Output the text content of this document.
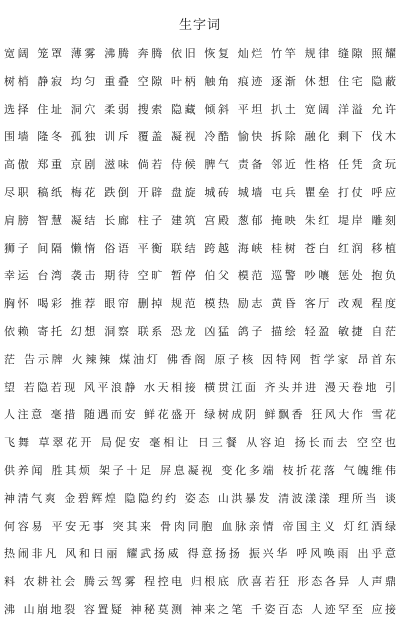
生字词
宽阔 笼罩 薄雾 沸腾 奔腾 依旧 恢复 灿烂 竹竿 规律 缝隙 照耀
树梢 静寂 均匀 重叠 空隙 叶柄 触角 痕迹 逐渐 休想 住宅 隐蔽
选择 住址 洞穴 柔弱 搜索 隐藏 倾斜 平坦 扒土 宽阔 洋溢 允许
围墙 隆冬 孤独 训斥 覆盖 凝视 冷酷 愉快 拆除 融化 剩下 伐木
高傲 郑重 京剧 滋味 倘若 侍候 脾气 责备 邻近 性格 任凭 贪玩
尽职 稿纸 梅花 跌倒 开辟 盘旋 城砖 城墙 屯兵 瞿垒 打仗 呼应
肩膀 智慧 凝结 长廊 柱子 建筑 宫殿 葱郁 掩映 朱红 堤岸 雕刻
狮子 间隔 懒惰 俗语 平衡 联结 跨越 海峡 桂树 苍白 红润 移植
幸运 台湾 袭击 期待 空旷 暂停 伯父 模范 巡警 吵嚷 惩处 抱负
胸怀 喝彩 推荐 眼帘 删掉 规范 模热 励志 黄昏 客厅 改观 程度
依赖 寄托 幻想 洞察 联系 恐龙 凶猛 鸽子 描绘 轻盈 敏捷 自茫
茫 告示牌 火辣辣 煤油灯 佛香阁 原子核 因特网 哲学家 昂首东
望 若隐若现 风平浪静 水天相接 横贯江面 齐头并进 漫天卷地 引
人注意 毫措 随遇而安 鲜花盛开 绿树成阴 鲜飘香 狂风大作 雪花
飞舞 草翠花开 局促安 毫相让 日三餐 从容迫 扬长而去 空空也
供养闻 胜其烦 架子十足 屏息凝视 变化多端 枝折花落 气魄维伟
神清气爽 金碧辉煌 隐隐约约 姿态 山洪暴发 清波漾漾 理所当 谈
何容易 平安无事 突其来 骨肉同胞 血脉亲情 帝国主义 灯红酒绿
热闹非凡 风和日丽 耀武扬威 得意扬扬 振兴华 呼风唤雨 出乎意
料 农耕社会 腾云驾雾 程控电 归根底 欣喜若狂 形态各异 人声鼎
沸 山崩地裂 容置疑 神秘莫测 神来之笔 千姿百态 人迹罕至 应接
